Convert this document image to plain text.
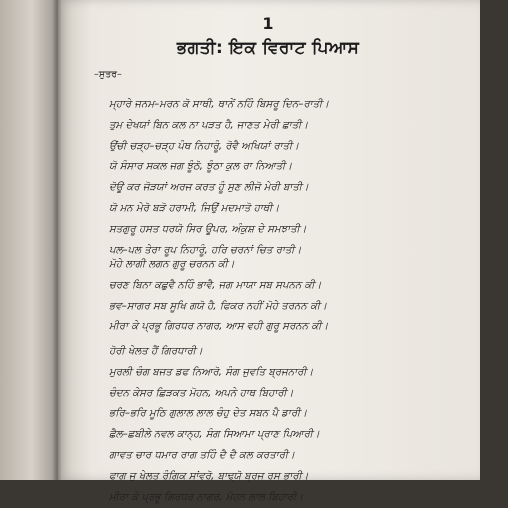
1
ਭਗਤੀ: ਇਕ ਵਿਰਾਟ ਪਿਆਸ
–ਸੁਤਰ–
ਮ੍ਹਾਰੇ ਜਨਮ–ਮਰਨ ਕੋ ਸਾਥੀ, ਥਾਨੇਂ ਨਹਿੰ ਬਿਸਰੂ ਦਿਨ–ਰਾਤੀ।
ਤੁਮ ਦੇਖਯਾਂ ਬਿਨ ਕਲ ਨਾ ਪੜਤ ਹੈ, ਜਾਣਤ ਮੇਰੀ ਛਾਤੀ।
ਉਂਚੀ ਚੜ੍ਹ–ਚੜ੍ਹ ਪੰਥ ਨਿਹਾਰੂੰ, ਰੋਵੈ ਅਖਿਯਾਂ ਰਾਤੀ।
ਯੋ ਸੰਸਾਰ ਸਕਲ ਜਗ ਝੂੰਠੋ, ਝੂੰਠਾ ਕੁਲ ਰਾ ਨਿਆਤੀ।
ਦੋਊ ਕਰ ਜੋੜਯਾਂ ਅਰਜ ਕਰਤ ਹੂੰ ਸੁਣ ਲੀਜੋ ਮੇਰੀ ਬਾਤੀ।
ਯੋ ਮਨ ਮੇਰੋ ਬੜੋ ਹਰਾਮੀ, ਜਿਉਂ ਮਦਮਾਤੋ ਹਾਥੀ।
ਸਤਗੁਰੂ ਹਸਤ ਧਰਯੋ ਸਿਰ ਊਪਰ, ਅੰਕੁਸ਼ ਦੇ ਸਮਝਾਤੀ।
ਪਲ–ਪਲ ਤੇਰਾ ਰੂਪ ਨਿਹਾਰੂੰ, ਹਰਿ ਚਰਨਾਂ ਚਿਤ ਰਾਤੀ।
ਮੋਹੇ ਲਾਗੀ ਲਗਨ ਗੁਰੂ ਚਰਨਨ ਕੀ।
ਚਰਣ ਬਿਨਾ ਕਛੁਵੈ ਨਹਿੰ ਭਾਵੈ, ਜਗ ਮਾਯਾ ਸਬ ਸਪਨਨ ਕੀ।
ਭਵ–ਸਾਗਰ ਸਬ ਸੂਖਿ ਗਯੋ ਹੈ, ਫਿਕਰ ਨਹੀਂ ਮੋਹੇ ਤਰਨਨ ਕੀ।
ਮੀਰਾ ਕੇ ਪ੍ਰਭੂ ਗਿਰਧਰ ਨਾਗਰ, ਆਸ ਵਹੀ ਗੁਰੂ ਸਰਨਨ ਕੀ।
ਹੋਰੀ ਖੇਲਤ ਹੈਂ ਗਿਰਧਾਰੀ।
ਮੁਰਲੀ ਚੰਗ ਬਜਤ ਡਫ ਨਿਆਰੋ, ਸੰਗ ਜੁਵਤਿ ਬ੍ਰਜਨਾਰੀ।
ਚੰਦਨ ਕੇਸਰ ਛਿੜਕਤ ਮੋਹਨ, ਅਪਨੇ ਹਾਥ ਬਿਹਾਰੀ।
ਭਰਿ–ਭਰਿ ਮੂਠਿ ਗੁਲਾਲ ਲਾਲ ਚੰਹੁ ਦੇਤ ਸਬਨ ਪੈ ਡਾਰੀ।
ਛੈਲ–ਛਬੀਲੇ ਨਵਲ ਕਾਨ੍ਹ, ਸੰਗ ਸਿਆਮਾ ਪ੍ਰਾਣ ਪਿਆਰੀ।
ਗਾਵਤ ਚਾਰ ਧਮਾਰ ਰਾਗ ਤਹਿੰ ਦੈ ਦੈ ਕਲ ਕਰਤਾਰੀ।
ਫਾਗ ਜੁ ਖੇਲਤ ਰੰਗਿਕ ਸਾਂਵਰੋ, ਬਾਢ੍ਯੋ ਬ੍ਰਜ ਰਸ ਭਾਰੀ।
ਮੀਰਾ ਕੇ ਪ੍ਰਭੂ ਗਿਰਧਰ ਨਾਗਰ, ਮੋਹਨ ਲਾਲ ਬਿਹਾਰੀ।
